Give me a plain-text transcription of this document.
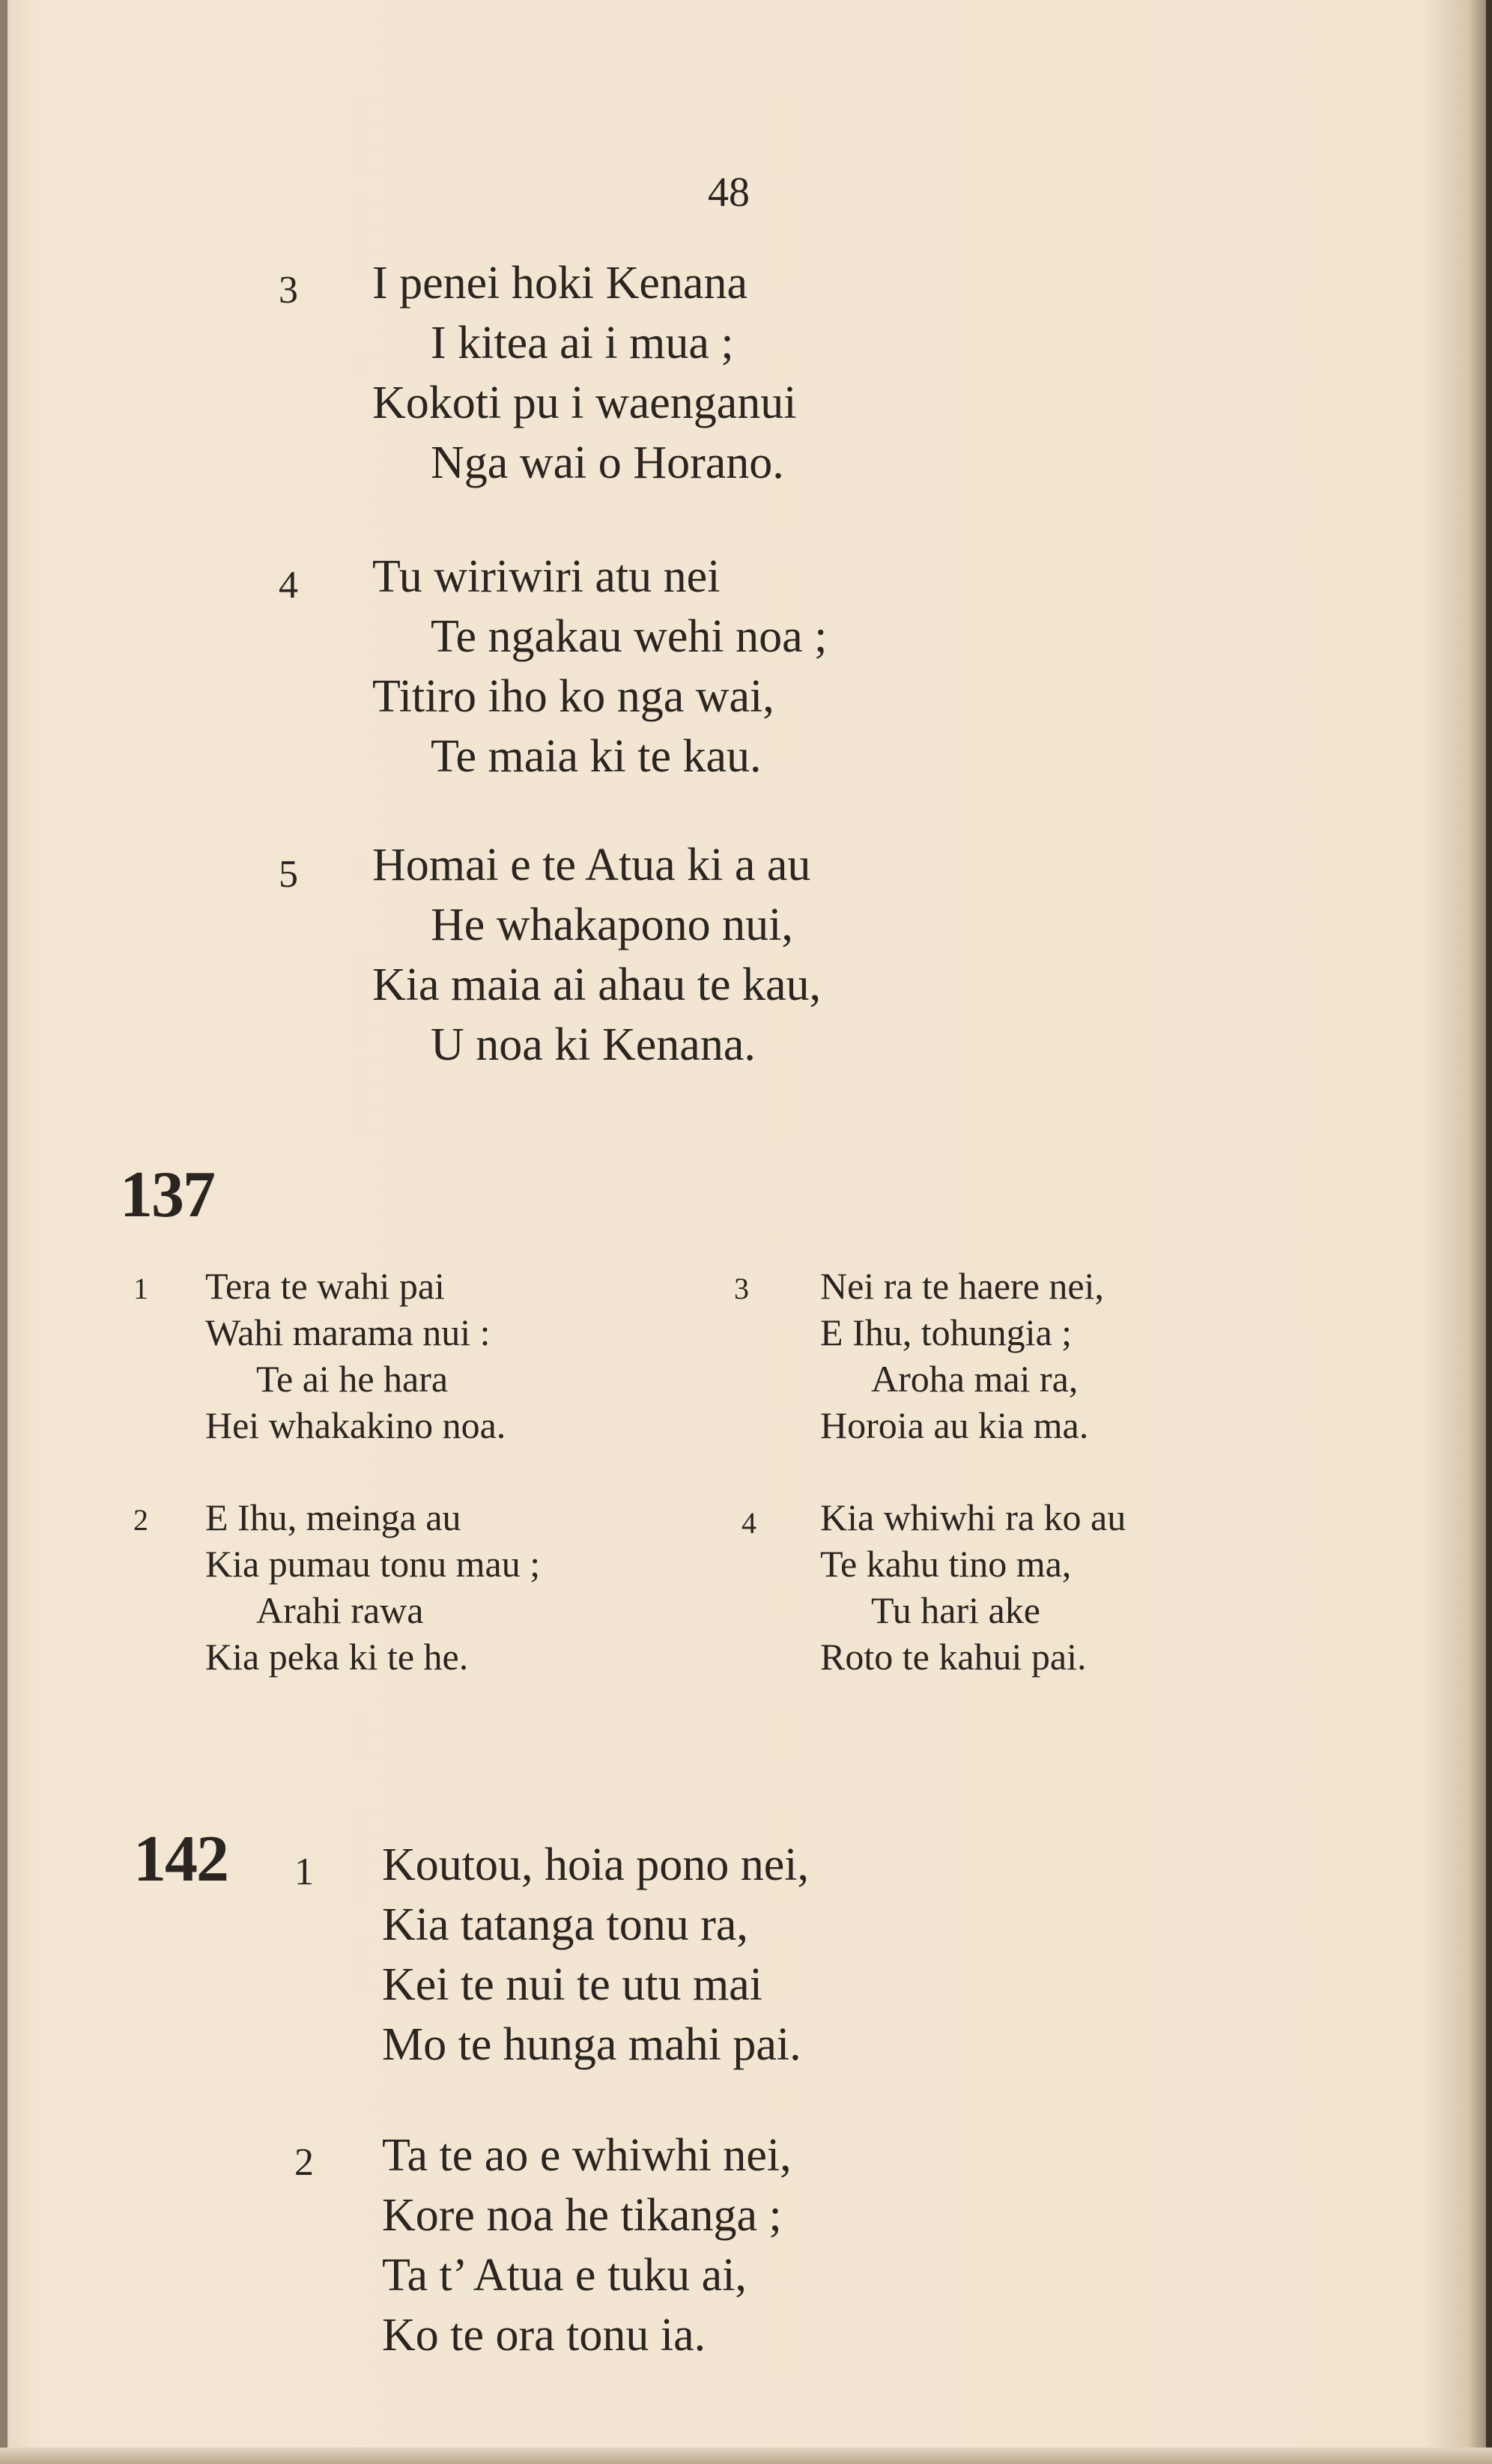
48
3 I penei hoki Kenana
I kitea ai i mua ;
Kokoti pu i waenganui
Nga wai o Horano.
4 Tu wiriwiri atu nei
Te ngakau wehi noa ;
Titiro iho ko nga wai,
Te maia ki te kau.
5 Homai e te Atua ki a au
He whakapono nui,
Kia maia ai ahau te kau,
U noa ki Kenana.
137
1 Tera te wahi pai
Wahi marama nui :
Te ai he hara
Hei whakakino noa.
3 Nei ra te haere nei,
E Ihu, tohungia ;
Aroha mai ra,
Horoia au kia ma.
2 E Ihu, meinga au
Kia pumau tonu mau ;
Arahi rawa
Kia peka ki te he.
4 Kia whiwhi ra ko au
Te kahu tino ma,
Tu hari ake
Roto te kahui pai.
142 1 Koutou, hoia pono nei,
Kia tatanga tonu ra,
Kei te nui te utu mai
Mo te hunga mahi pai.
2 Ta te ao e whiwhi nei,
Kore noa he tikanga ;
Ta t’ Atua e tuku ai,
Ko te ora tonu ia.
